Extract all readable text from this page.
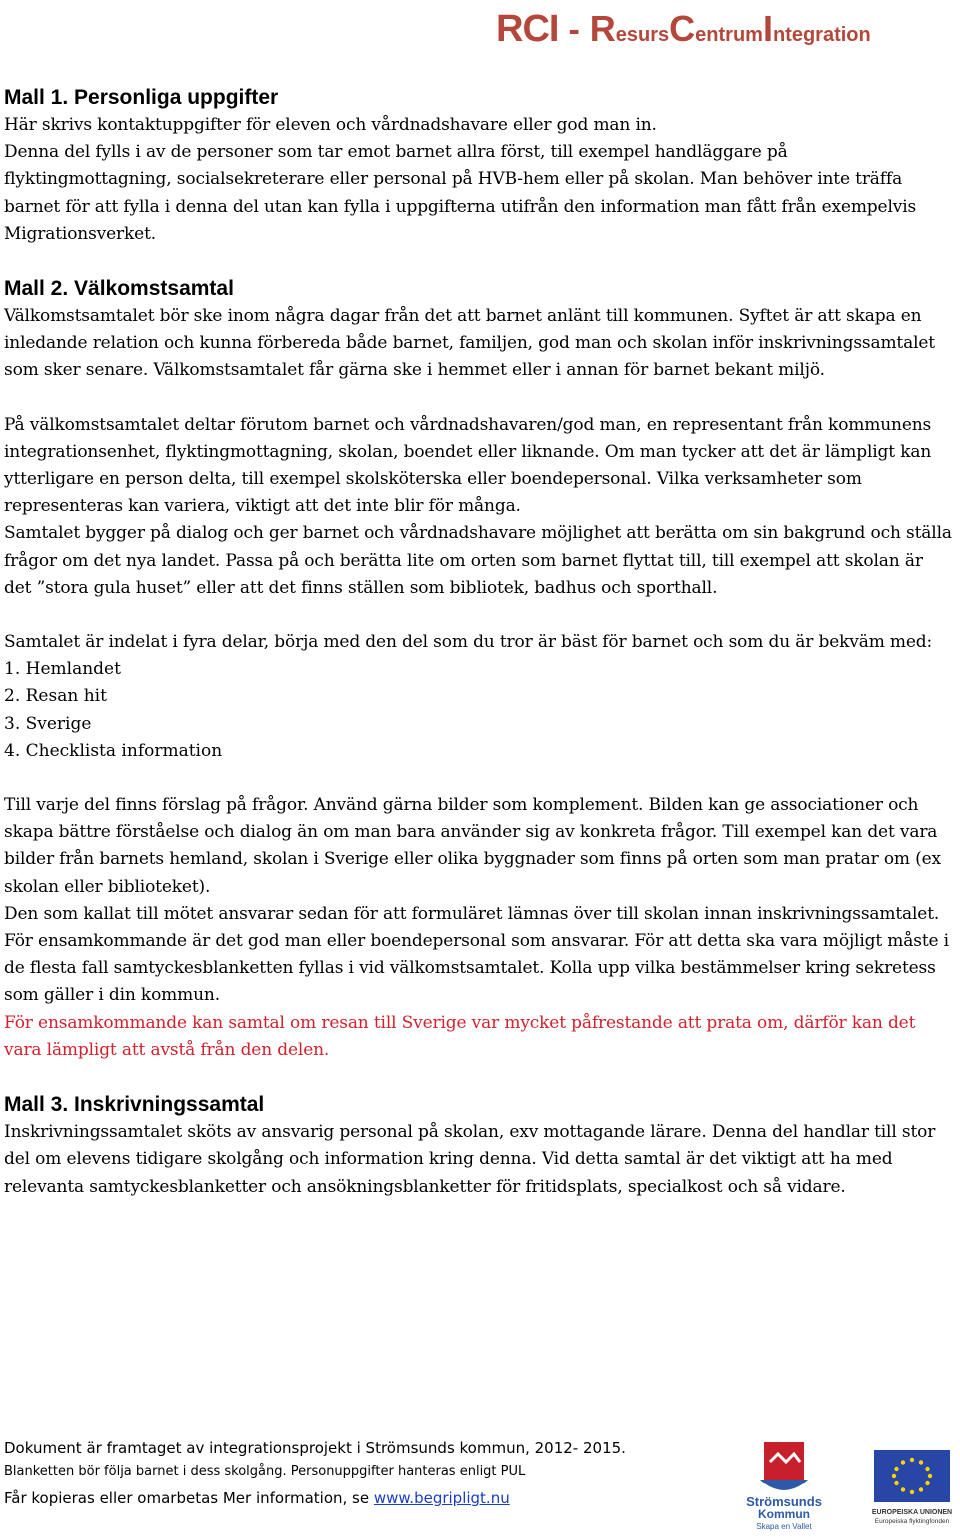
RCI - R esurs C entrum I ntegration
Mall 1. Personliga uppgifter

Här skrivs kontaktuppgifter för eleven och vårdnadshavare eller god man in.
Denna del fylls i av de personer som tar emot barnet allra först, till exempel handläggare på flyktingmottagning, socialsekreterare eller personal på HVB-hem eller på skolan. Man behöver inte träffa barnet för att fylla i denna del utan kan fylla i uppgifterna utifrån den information man fått från exempelvis Migrationsverket.

Mall 2. Välkomstsamtal

Välkomstsamtalet bör ske inom några dagar från det att barnet anlänt till kommunen. Syftet är att skapa en inledande relation och kunna förbereda både barnet, familjen, god man och skolan inför inskrivningssamtalet som sker senare. Välkomstsamtalet får gärna ske i hemmet eller i annan för barnet bekant miljö.

På välkomstsamtalet deltar förutom barnet och vårdnadshavaren/god man, en representant från kommunens integrationsenhet, flyktingmottagning, skolan, boendet eller liknande. Om man tycker att det är lämpligt kan ytterligare en person delta, till exempel skolsköterska eller boendepersonal. Vilka verksamheter som representeras kan variera, viktigt att det inte blir för många.

Samtalet bygger på dialog och ger barnet och vårdnadshavare möjlighet att berätta om sin bakgrund och ställa frågor om det nya landet. Passa på och berätta lite om orten som barnet flyttat till, till exempel att skolan är det ”stora gula huset” eller att det finns ställen som bibliotek, badhus och sporthall.

Samtalet är indelat i fyra delar, börja med den del som du tror är bäst för barnet och som du är bekväm med:

1. Hemlandet

2. Resan hit

3. Sverige

4. Checklista information

Till varje del finns förslag på frågor. Använd gärna bilder som komplement. Bilden kan ge associationer och skapa bättre förståelse och dialog än om man bara använder sig av konkreta frågor. Till exempel kan det vara bilder från barnets hemland, skolan i Sverige eller olika byggnader som finns på orten som man pratar om (ex skolan eller biblioteket).

Den som kallat till mötet ansvarar sedan för att formuläret lämnas över till skolan innan inskrivningssamtalet. För ensamkommande är det god man eller boendepersonal som ansvarar. För att detta ska vara möjligt måste i de flesta fall samtyckesblanketten fyllas i vid välkomstsamtalet. Kolla upp vilka bestämmelser kring sekretess som gäller i din kommun.

För ensamkommande kan samtal om resan till Sverige var mycket påfrestande att prata om, därför kan det vara lämpligt att avstå från den delen.

Mall 3. Inskrivningssamtal

Inskrivningssamtalet sköts av ansvarig personal på skolan, exv mottagande lärare. Denna del handlar till stor del om elevens tidigare skolgång och information kring denna. Vid detta samtal är det viktigt att ha med relevanta samtyckesblanketter och ansökningsblanketter för fritidsplats, specialkost och så vidare.

Dokument är framtaget av integrationsprojekt i Strömsunds kommun, 2012- 2015.

Blanketten bör följa barnet i dess skolgång. Personuppgifter hanteras enligt PUL

Får kopieras eller omarbetas Mer information, se www.begripligt.nu	Strömsunds
Kommun
Skapa en Vallet
EUROPEISKA UNIONEN
Europeiska flyktingfonden
